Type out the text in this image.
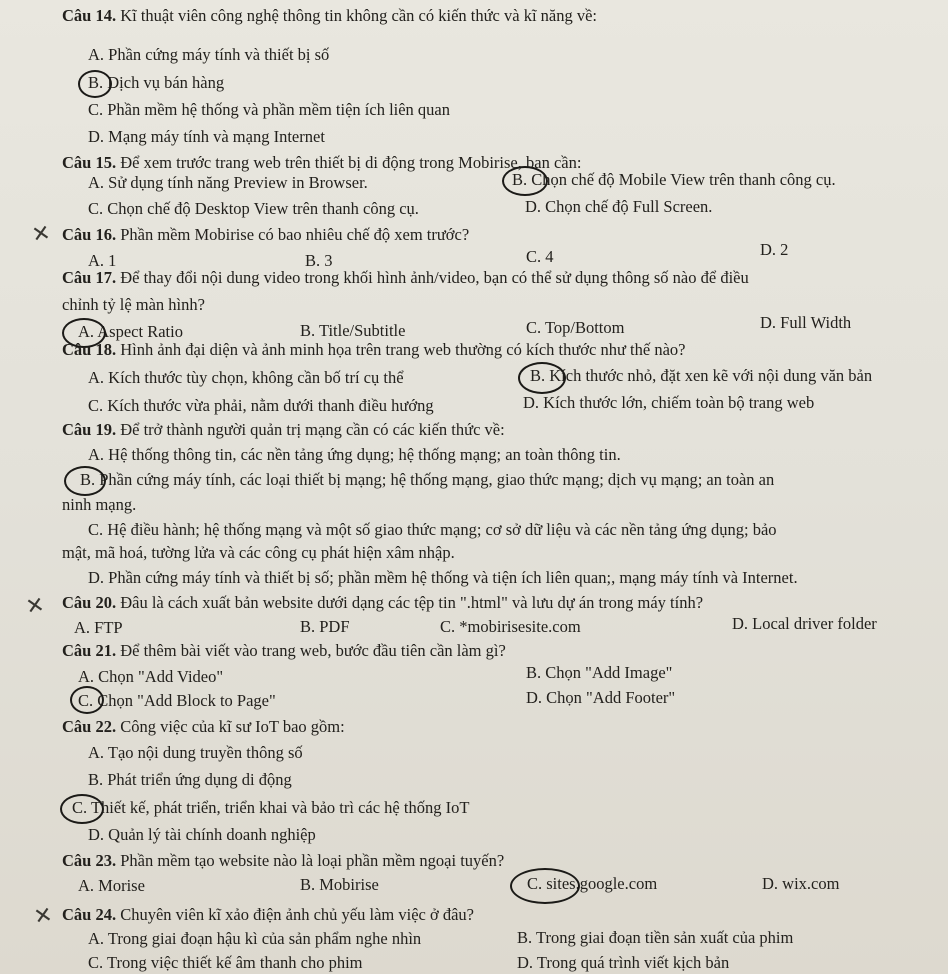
Câu 14. Kĩ thuật viên công nghệ thông tin không cần có kiến thức và kĩ năng về:
A. Phần cứng máy tính và thiết bị số
B. Dịch vụ bán hàng
C. Phần mềm hệ thống và phần mềm tiện ích liên quan
D. Mạng máy tính và mạng Internet
Câu 15. Để xem trước trang web trên thiết bị di động trong Mobirise, bạn cần:
A. Sử dụng tính năng Preview in Browser.	B. Chọn chế độ Mobile View trên thanh công cụ.
C. Chọn chế độ Desktop View trên thanh công cụ.	D. Chọn chế độ Full Screen.
✕ Câu 16. Phần mềm Mobirise có bao nhiêu chế độ xem trước?
A. 1	B. 3	C. 4	D. 2
Câu 17. Để thay đổi nội dung video trong khối hình ảnh/video, bạn có thể sử dụng thông số nào để điều
chỉnh tỷ lệ màn hình?
A. Aspect Ratio	B. Title/Subtitle	C. Top/Bottom	D. Full Width
Câu 18. Hình ảnh đại diện và ảnh minh họa trên trang web thường có kích thước như thế nào?
A. Kích thước tùy chọn, không cần bố trí cụ thể	B. Kích thước nhỏ, đặt xen kẽ với nội dung văn bản
C. Kích thước vừa phải, nằm dưới thanh điều hướng	D. Kích thước lớn, chiếm toàn bộ trang web
Câu 19. Để trở thành người quản trị mạng cần có các kiến thức về:
A. Hệ thống thông tin, các nền tảng ứng dụng; hệ thống mạng; an toàn thông tin.
B. Phần cứng máy tính, các loại thiết bị mạng; hệ thống mạng, giao thức mạng; dịch vụ mạng; an toàn an
ninh mạng.
C. Hệ điều hành; hệ thống mạng và một số giao thức mạng; cơ sở dữ liệu và các nền tảng ứng dụng; bảo
mật, mã hoá, tường lửa và các công cụ phát hiện xâm nhập.
D. Phần cứng máy tính và thiết bị số; phần mềm hệ thống và tiện ích liên quan;, mạng máy tính và Internet.
✕ Câu 20. Đâu là cách xuất bản website dưới dạng các tệp tin ".html" và lưu dự án trong máy tính?
A. FTP	B. PDF	C. *mobirisesite.com	D. Local driver folder
Câu 21. Để thêm bài viết vào trang web, bước đầu tiên cần làm gì?
A. Chọn "Add Video"	B. Chọn "Add Image"
C. Chọn "Add Block to Page"	D. Chọn "Add Footer"
Câu 22. Công việc của kĩ sư IoT bao gồm:
A. Tạo nội dung truyền thông số
B. Phát triển ứng dụng di động
C. Thiết kế, phát triển, triển khai và bảo trì các hệ thống IoT
D. Quản lý tài chính doanh nghiệp
Câu 23. Phần mềm tạo website nào là loại phần mềm ngoại tuyến?
A. Morise	B. Mobirise	C. sites.google.com	D. wix.com
✕ Câu 24. Chuyên viên kĩ xảo điện ảnh chủ yếu làm việc ở đâu?
A. Trong giai đoạn hậu kì của sản phẩm nghe nhìn	B. Trong giai đoạn tiền sản xuất của phim
C. Trong việc thiết kế âm thanh cho phim	D. Trong quá trình viết kịch bản
